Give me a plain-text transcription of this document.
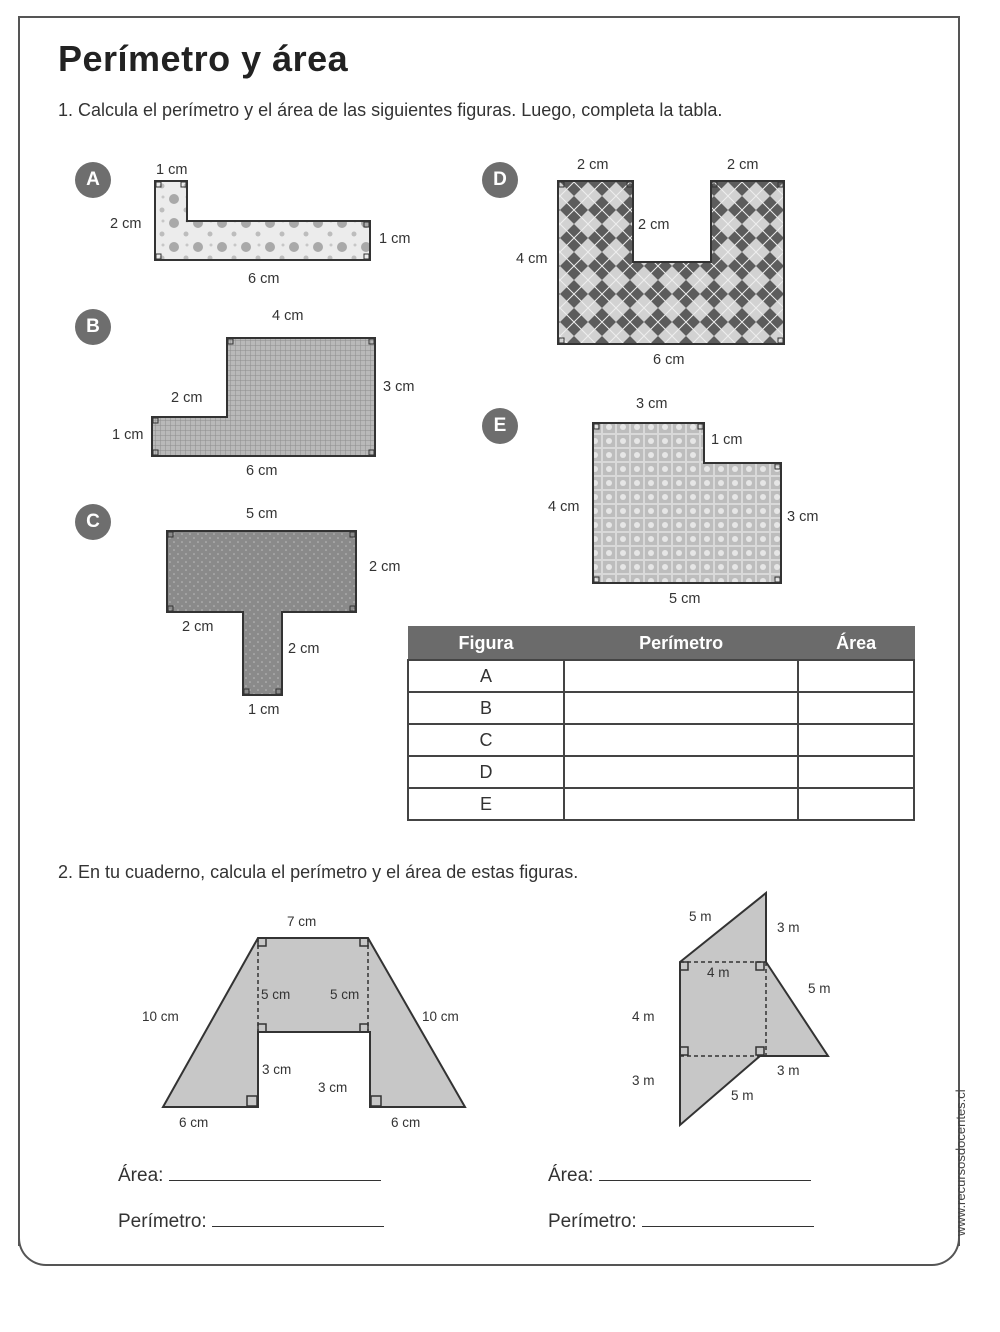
Perímetro y área

1. Calcula el perímetro y el área de las siguientes figuras. Luego, completa la tabla.

A
B
C
D
E
1 cm
2 cm
1 cm
6 cm
4 cm
3 cm
2 cm
1 cm
6 cm
5 cm
2 cm
2 cm
2 cm
1 cm
2 cm	2 cm
2 cm
4 cm
6 cm
3 cm
1 cm
4 cm
3 cm
5 cm
Figura	Perímetro	Área
A		
B		
C		
D		
E		

2. En tu cuaderno, calcula el perímetro y el área de estas figuras.

7 cm
10 cm	10 cm
5 cm	5 cm
3 cm
3 cm
6 cm	6 cm
5 m
3 m
4 m
5 m
4 m
3 m
3 m
5 m
Área:
Perímetro:
Área:
Perímetro:	www.recursosdocentes.cl
